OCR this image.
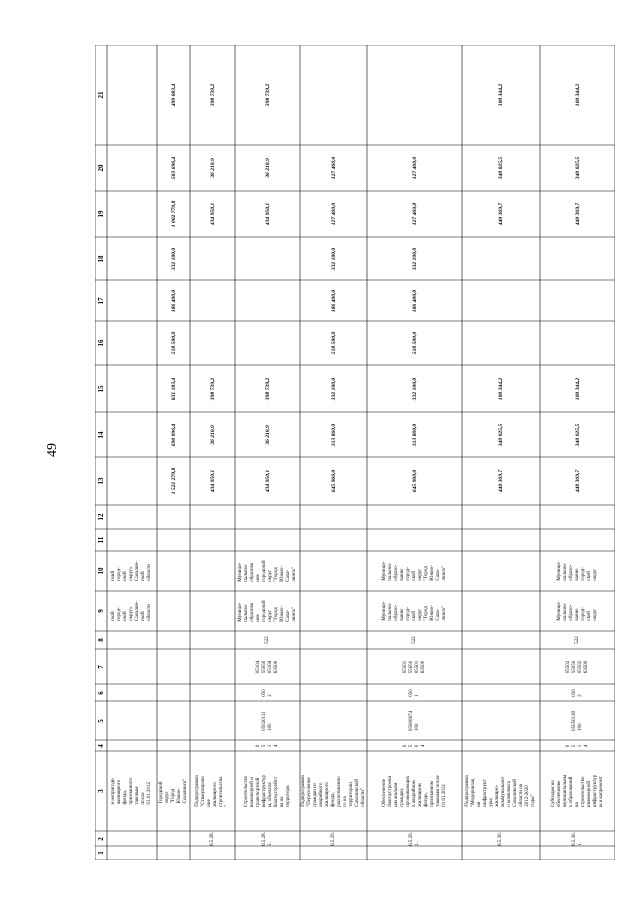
49
1
2
3
4
5
6
7
8
9
10
11
12
13
14
15
16
17
18
19
20
21
и непригодн
жилищного
фонда,
признанного
таковым после
01.01.2012
ской
город-
ской
округ»
Сахалин-
ской
области
ский
город-
ской
округ»
Сахалин-
ской
области
Городской
округ "Город
Южно-
Сахалинск"
1 521 279,8
690 096,4
831 183,4
518 500,0
186 400,0
332 100,0
1 002 779,8
503 696,4
499 083,4
6.5.28.
Подпрограмма
"Стимулирова
ние
жилищного
строительства
"
434 950,1
36 210,9
398 739,2
434 950,1
36 210,9
398 739,2
6.5.28.
1.
Строительство
инженерной и
транспортной
инфраструктур
ы, объектов
благоустройст
ва на территори
0
5
1
4
05020111
100
050
2
05104
55050
05104
63500
522
Муници-
пальное
образова
ние
городской
округ
"Город
Южно-
Саха-
линск"
Муници-
пальное
образова
ние
городской
округ
"Город
Южно-
Саха-
линск"
434 950,1
36 210,9
398 739,2
434 950,1
36 210,9
398 739,2
6.5.29.
Подпрограмма
"Переселение
граждан из
аварийного
жилищного
фонда,
расположенно
го на
территории
Сахалинской
области"
645 960,0
313 860,0
332 100,0
518 500,0
186 400,0
332 100,0
127 460,0
127 460,0
6.5.29.
1.
Обеспечение
благоустроенн
ым жильем
граждан,
проживающих
в аварийном
жилищном
фонде,
признанном
таковым после
01.01.2012
0
5
0
4
05000674
100
050
1
05501
55050
05501
63500
522
Муници-
пальное
образо-
вание
город-
ской
округ
"Город
Южно-
Саха-
линск"
Муници-
пальное
образо-
вание
город-
ской
округ
"Город
Южно-
Саха-
линск"
645 960,0
313 860,0
332 100,0
518 500,0
186 400,0
332 100,0
127 460,0
127 460,0
6.5.30.
Подпрограмма
"Модернизац
ия
инфраструкт
уры
жилищно-
коммунальног
о комплекса
Сахалинской
области на
2012-2020
годы"
440 369,7
340 025,5
100 344,2
440 369,7
340 025,5
100 344,2
6.5.30.
1.
Субсидия на
обеспечение
муниципальны
х образований
на
строительство
инженерной
инфраструктур
ы и капремонт
0
5
1
4
05050118
100
050
2
05502
55050
05502
63500
522
Муници-
пальное
образо-
вание
город-
ской
округ
Муници-
пальное
образо-
вание
город-
ской
округ
440 369,7
340 025,5
100 344,2
440 369,7
340 025,5
100 344,2
